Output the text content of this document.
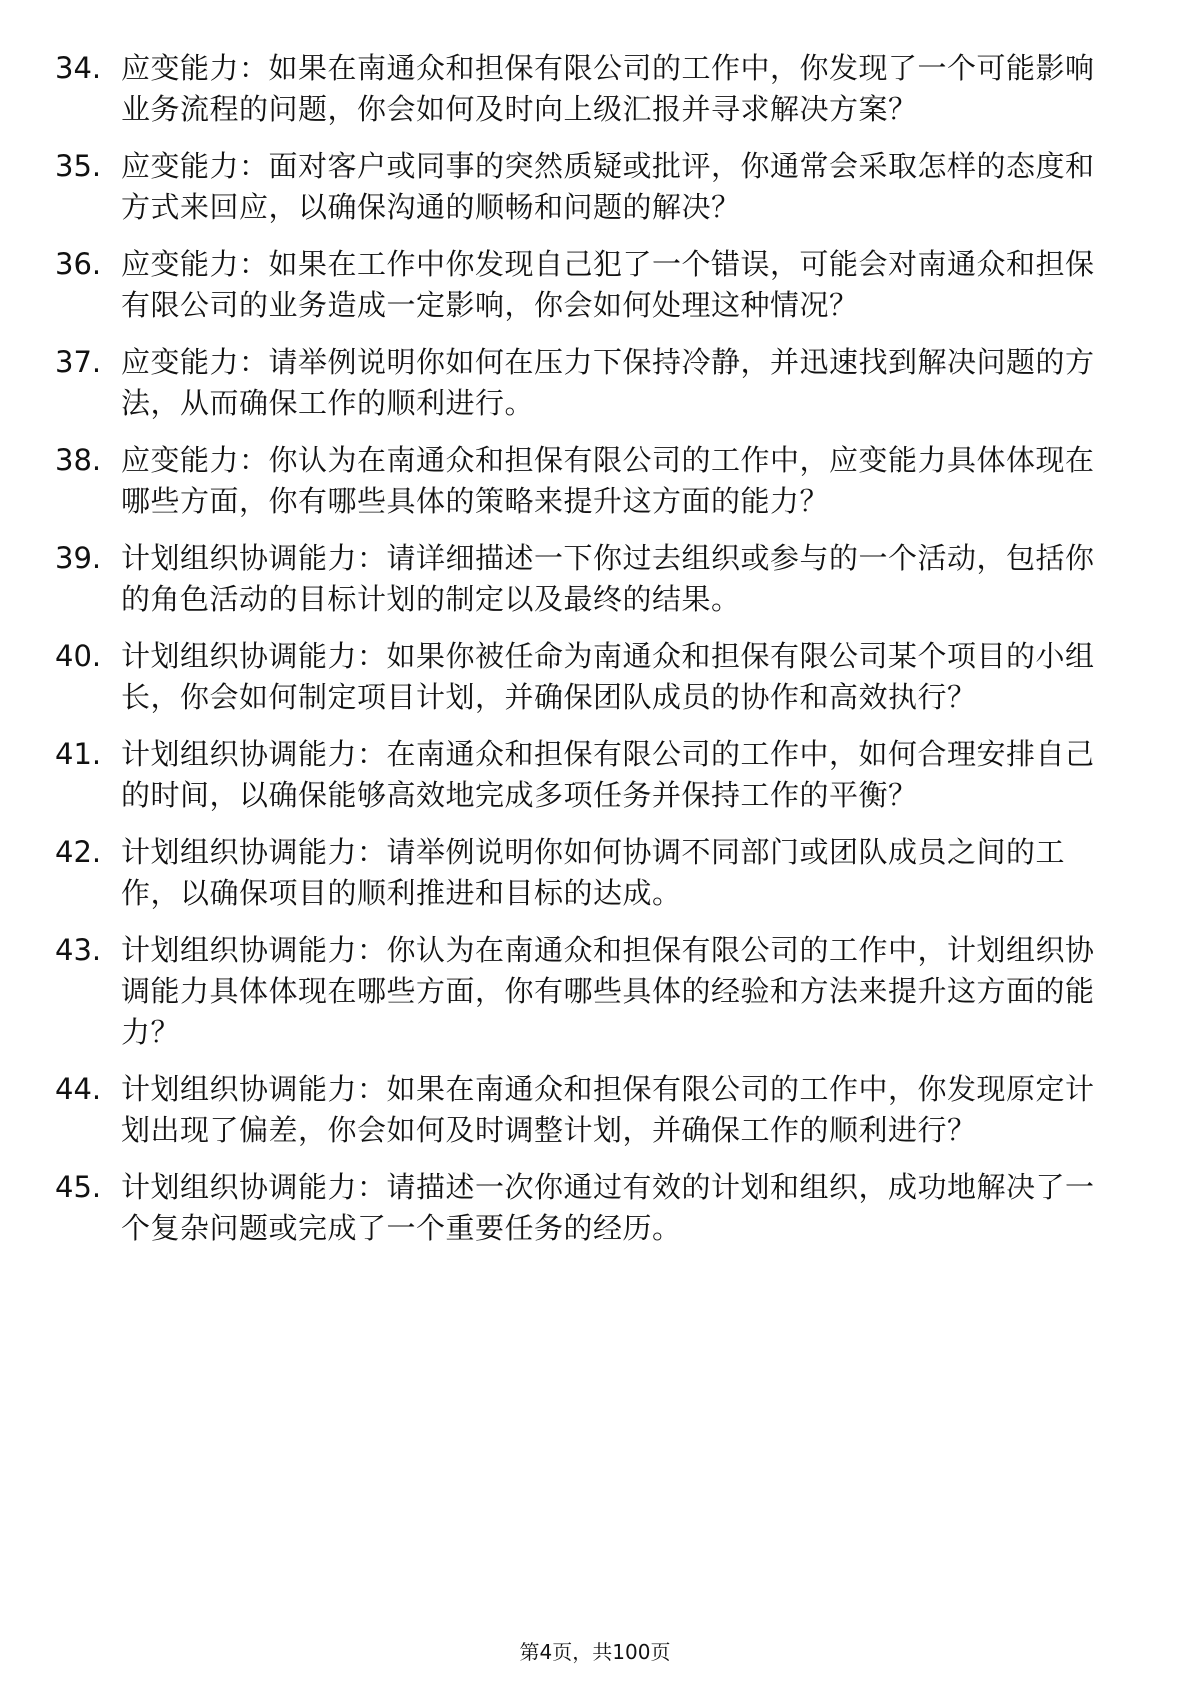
34. 应变能力：如果在南通众和担保有限公司的工作中，你发现了一个可能影响业务流程的问题，你会如何及时向上级汇报并寻求解决方案？
35. 应变能力：面对客户或同事的突然质疑或批评，你通常会采取怎样的态度和方式来回应，以确保沟通的顺畅和问题的解决？
36. 应变能力：如果在工作中你发现自己犯了一个错误，可能会对南通众和担保有限公司的业务造成一定影响，你会如何处理这种情况？
37. 应变能力：请举例说明你如何在压力下保持冷静，并迅速找到解决问题的方法，从而确保工作的顺利进行。
38. 应变能力：你认为在南通众和担保有限公司的工作中，应变能力具体体现在哪些方面，你有哪些具体的策略来提升这方面的能力？
39. 计划组织协调能力：请详细描述一下你过去组织或参与的一个活动，包括你的角色活动的目标计划的制定以及最终的结果。
40. 计划组织协调能力：如果你被任命为南通众和担保有限公司某个项目的小组长，你会如何制定项目计划，并确保团队成员的协作和高效执行？
41. 计划组织协调能力：在南通众和担保有限公司的工作中，如何合理安排自己的时间，以确保能够高效地完成多项任务并保持工作的平衡？
42. 计划组织协调能力：请举例说明你如何协调不同部门或团队成员之间的工作，以确保项目的顺利推进和目标的达成。
43. 计划组织协调能力：你认为在南通众和担保有限公司的工作中，计划组织协调能力具体体现在哪些方面，你有哪些具体的经验和方法来提升这方面的能力？
44. 计划组织协调能力：如果在南通众和担保有限公司的工作中，你发现原定计划出现了偏差，你会如何及时调整计划，并确保工作的顺利进行？
45. 计划组织协调能力：请描述一次你通过有效的计划和组织，成功地解决了一个复杂问题或完成了一个重要任务的经历。
第4页，共100页
